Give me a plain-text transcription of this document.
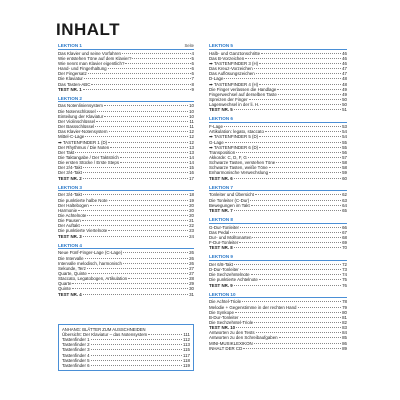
INHALT
LEKTION 1	Seite
Das Klavier und seine Vorfahren	4
Wie entstehen Töne auf dem Klavier?	5
Wie nennt man Klavier eigentlich?	6
Hand- und Fingerhaltung	6
Der Fingersatz	6
Die Klaviatur	7
Das Tasten-ABC	8
TEST NR. 1	9
LEKTION 2
Das Notenliniensystem	10
Die Notenschlüssel	10
Einteilung der Klaviatur	10
Der Violinschlüssel	11
Der Bassschlüssel	11
Das Klavier-Notensystem	12
Mittel-C-Lage	12
➡ TASTENFINDER 1 (D)	12
Der Rhythmus / Die Noten	13
Der Takt	13
Die Taktangabe / Der Taktstrich	14
Die ersten Stücke / Erste Steps	14
Der 2/4-Takt	15
Der 3/4-Takt	16
TEST NR. 2	17
LEKTION 3
Der 3/4-Takt	18
Die punktierte halbe Note	19
Der Haltebogen	20
Harmonie	20
Die Achtelnote	20
Die Pausen	21
Der Auftakt	22
Die punktierte Viertelnote	23
TEST NR. 3	24
LEKTION 4
Neue Fünf-Finger-Lage (C-Lage)	26
Die Intervalle	26
Intervalle melodisch, harmonisch	26
Sekunde, Terz	27
Quarte, Quinte	27
Staccato, Legatobogen, Artikulation	28
Quarte	29
Quinte	30
TEST NR. 4	31
ANHANG: BLÄTTER ZUM AUSSCHNEIDEN
Übersicht: Der Klaviatur – das Notensystem	111
Tastenfinder 1	112
Tastenfinder 2	113
Tastenfinder 3	115
Tastenfinder 4	117
Tastenfinder 5	118
Tastenfinder 6	119
LEKTION 5
Halb- und Ganztonschritte	46
Das B-Vorzeichen	46
➡ TASTENFINDER 3 (H)	46
Das Kreuz-Vorzeichen	47
Das Auflösungszeichen	47
D-Lage	48
➡ TASTENFINDER 4 (H)	48
Die Finger verlassen die Handlage	49
Fingerwechsel auf derselben Taste	49
Spreizen der Finger	50
Lagenwechsel in der li. H.	50
TEST NR. 5	51
LEKTION 6
F-Lage	53
Artikulation: legato, staccato	54
➡ TASTENFINDER 5 (D)	54
G-Lage	55
➡ TASTENFINDER 6 (D)	55
Transposition	56
Akkorde: C, D, F, G	57
Schwarze Tasten, verstehen Töne	58
Schwarze Tasten, weiße Töne	58
Enharmonische Verwechslung	59
TEST NR. 6	60
LEKTION 7
Tonleiter und Übersicht	62
Die Tonleiter (C-Dur)	63
Bewegungen im Takt	64
TEST NR. 7	65
LEKTION 8
G-Dur-Tonleiter	66
Das Pedal	67
Dur- und Molltonarten	68
F-Dur-Tonleiter	69
TEST NR. 8	70
LEKTION 9
Der 6/8-Takt	72
D-Dur-Tonleiter	73
Die Sechzehntelnote	74
Die punktierte Achtelnote	75
TEST NR. 9	76
LEKTION 10
Die Achtel-Triole	78
Melodie + Gegenstimme in der rechten Hand	79
Die Synkope	80
B-Dur-Tonleiter	81
Die Sechzehntel-Triole	82
TEST NR. 10	83
Antworten zu den Tests	84
Antworten zu den Schreibaufgaben	85
MINI-MUSIKLEXIKON	86
INHALT DER CD	89
